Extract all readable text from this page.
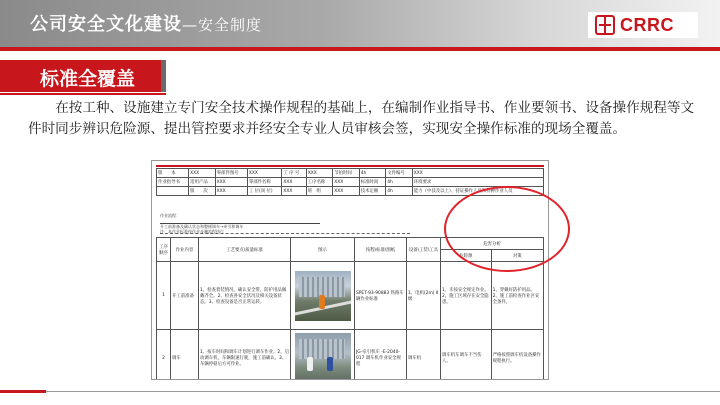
公司安全文化建设—安全制度	CRRC
标准全覆盖
在按工种、设施建立专门安全技术操作规程的基础上，在编制作业指导书、作业要领书、设备操作规程等文件时同步辨识危险源、提出管控要求并经安全专业人员审核会签，实现安全操作标准的现场全覆盖。
版　　本	XXX	零部件图号	XXX	工 序 号	XXX	节拍时间	4h	文件编号	XXX
作业指导书	适用产品	XXX	零部件名称	XXX	工序名称	XXX	标准时间	4h	环境要求
	版　　次	XXX	工 位(岗 位)	XXX	班　组	XXX	技术定额	4h	能力（中技及以上）、持证操作人员和特种作业人员
作业流程：
开工前准备及确认状态和整顿调车→牵引和调车
注：本作业标准按作业步骤流程执行
工序顺序	作业内容	工艺要点\质量标准	图示	按程\标准\图纸	设备\工装\工具	危害分析	
						危险源	对策
1	开工前准备	1、检查着装情况、确认安全带、防护用品佩戴齐全。2、检查各安全状况及相关设备状态。3、检查设备是否正常运转。		SPET-93-90883 铁路车辆作业标准	1、电机(2m) II 级	1、未按安全规定作业。2、施工区域存在安全隐患。	1、穿戴好防护用品。2、施工前检查作业区安全条件。
2	调车	1、按车时间和调车计划进行调车作业。2、启动调车机，车辆限速行驶，施工前确认。3、车辆停稳后方可作业。		JG-牵引机车 -E-2040-017 调车机作业安全规程	调车机	调车机车调车不当伤人。	严格按照调车机设备操作规程执行。
